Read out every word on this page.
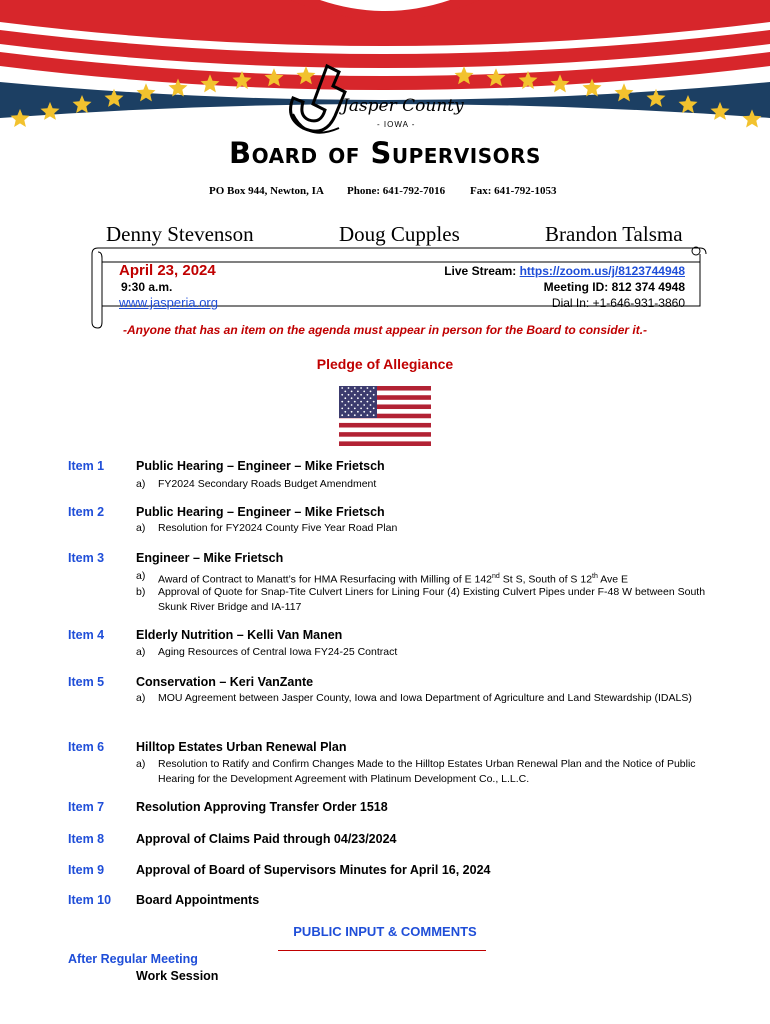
Jasper County
- IOWA -
Board of Supervisors
PO Box 944, Newton, IA Phone: 641-792-7016 Fax: 641-792-1053
Denny Stevenson	Doug Cupples	Brandon Talsma
April 23, 2024
9:30 a.m.
www.jasperia.org
Live Stream: https://zoom.us/j/8123744948
Meeting ID: 812 374 4948
Dial In: +1-646-931-3860
-Anyone that has an item on the agenda must appear in person for the Board to consider it.-
Pledge of Allegiance
Item 1	Public Hearing – Engineer – Mike Frietsch
a) FY2024 Secondary Roads Budget Amendment
Item 2	Public Hearing – Engineer – Mike Frietsch
a) Resolution for FY2024 County Five Year Road Plan
Item 3	Engineer – Mike Frietsch
a) Award of Contract to Manatt’s for HMA Resurfacing with Milling of E 142nd St S, South of S 12th Ave E
b) Approval of Quote for Snap-Tite Culvert Liners for Lining Four (4) Existing Culvert Pipes under F-48 W between South Skunk River Bridge and IA-117
Item 4	Elderly Nutrition – Kelli Van Manen
a) Aging Resources of Central Iowa FY24-25 Contract
Item 5	Conservation – Keri VanZante
a) MOU Agreement between Jasper County, Iowa and Iowa Department of Agriculture and Land Stewardship (IDALS)
Item 6	Hilltop Estates Urban Renewal Plan
a) Resolution to Ratify and Confirm Changes Made to the Hilltop Estates Urban Renewal Plan and the Notice of Public Hearing for the Development Agreement with Platinum Development Co., L.L.C.
Item 7	Resolution Approving Transfer Order 1518
Item 8	Approval of Claims Paid through 04/23/2024
Item 9	Approval of Board of Supervisors Minutes for April 16, 2024
Item 10 Board Appointments
PUBLIC INPUT & COMMENTS
After Regular Meeting
Work Session
